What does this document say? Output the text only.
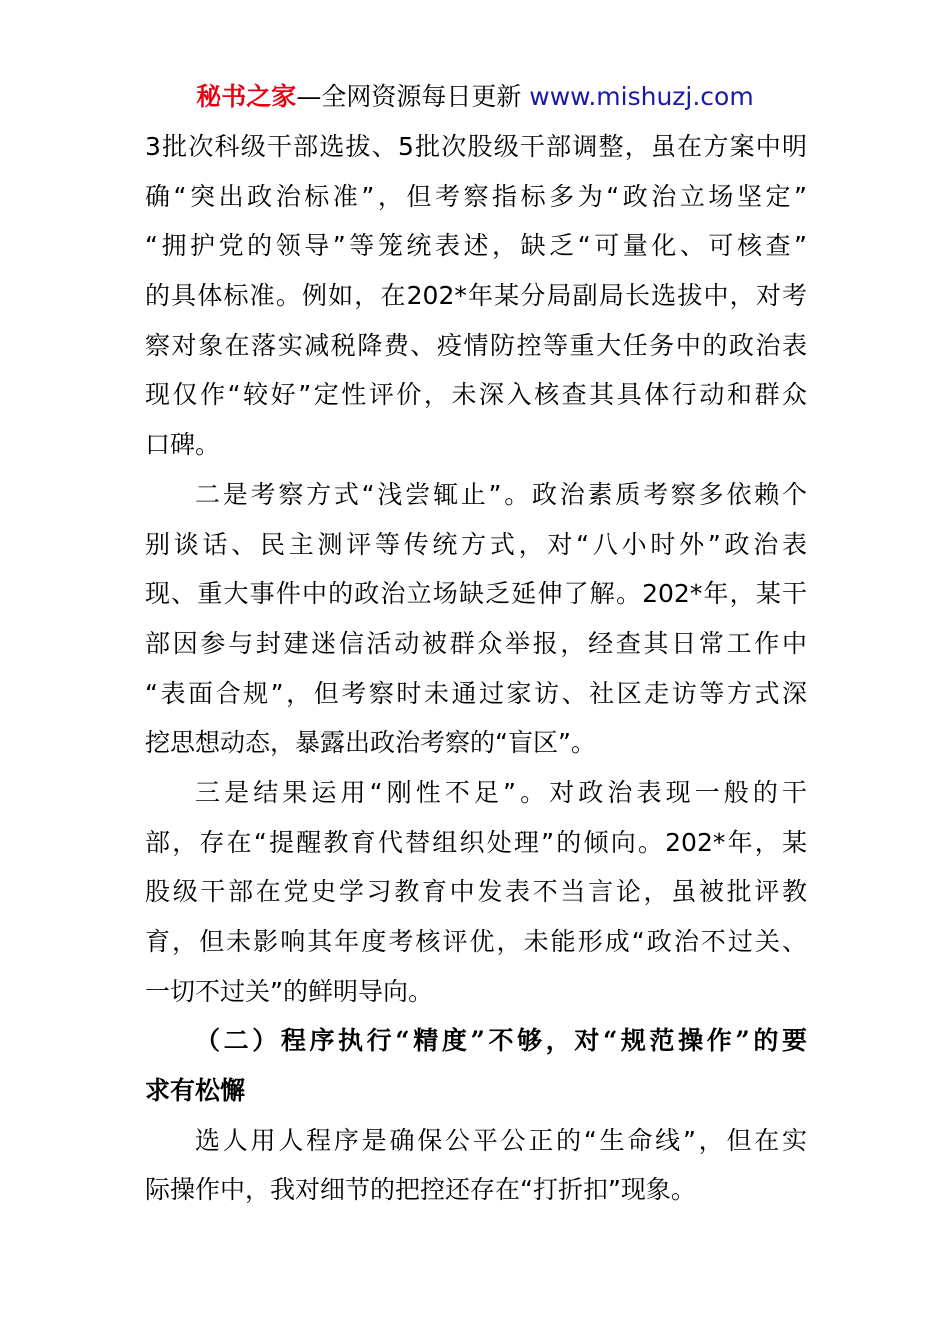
秘书之家—全网资源每日更新 www.mishuzj.com
3批次科级干部选拔、5批次股级干部调整，虽在方案中明
确“突出政治标准”，但考察指标多为“政治立场坚定”
“拥护党的领导”等笼统表述，缺乏“可量化、可核查”
的具体标准。例如，在202*年某分局副局长选拔中，对考
察对象在落实减税降费、疫情防控等重大任务中的政治表
现仅作“较好”定性评价，未深入核查其具体行动和群众
口碑。
二是考察方式“浅尝辄止”。政治素质考察多依赖个
别谈话、民主测评等传统方式，对“八小时外”政治表
现、重大事件中的政治立场缺乏延伸了解。202*年，某干
部因参与封建迷信活动被群众举报，经查其日常工作中
“表面合规”，但考察时未通过家访、社区走访等方式深
挖思想动态，暴露出政治考察的“盲区”。
三是结果运用“刚性不足”。对政治表现一般的干
部，存在“提醒教育代替组织处理”的倾向。202*年，某
股级干部在党史学习教育中发表不当言论，虽被批评教
育，但未影响其年度考核评优，未能形成“政治不过关、
一切不过关”的鲜明导向。
（二）程序执行“精度”不够，对“规范操作”的要
求有松懈
选人用人程序是确保公平公正的“生命线”，但在实
际操作中，我对细节的把控还存在“打折扣”现象。
